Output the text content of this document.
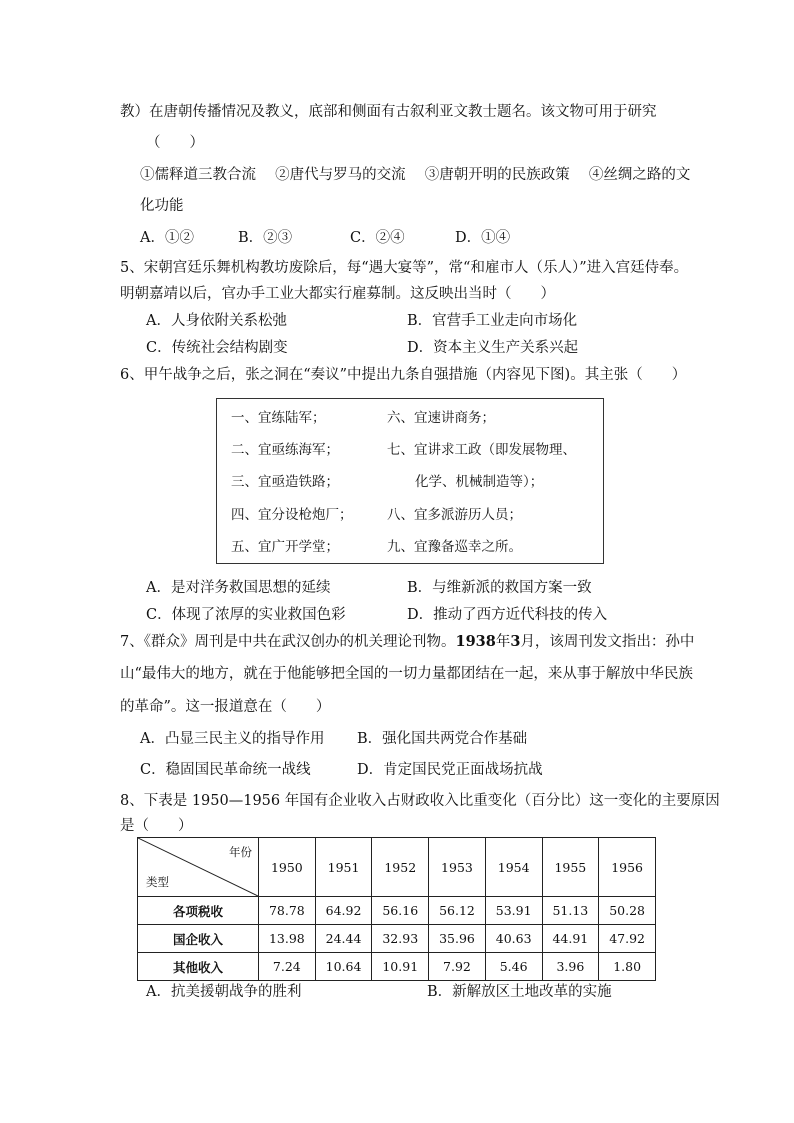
教）在唐朝传播情况及教义，底部和侧面有古叙利亚文教士题名。该文物可用于研究
（　　）
①儒释道三教合流　 ②唐代与罗马的交流　 ③唐朝开明的民族政策　 ④丝绸之路的文
化功能
A．①②	B．②③	C．②④	D．①④
5、宋朝宫廷乐舞机构教坊废除后，每“遇大宴等”，常“和雇市人（乐人）”进入宫廷侍奉。
明朝嘉靖以后，官办手工业大都实行雇募制。这反映出当时（　　）
A．人身依附关系松弛	B．官营手工业走向市场化
C．传统社会结构剧变	D．资本主义生产关系兴起
6、甲午战争之后，张之洞在“奏议”中提出九条自强措施（内容见下图)。其主张（　　）
一、宜练陆军；
二、宜亟练海军；
三、宜亟造铁路；
四、宜分设枪炮厂；
五、宜广开学堂；
六、宜速讲商务；
七、宜讲求工政（即发展物理、
化学、机械制造等）；
八、宜多派游历人员；
九、宜豫备巡幸之所。
A．是对洋务救国思想的延续	B．与维新派的救国方案一致
C．体现了浓厚的实业救国色彩	D．推动了西方近代科技的传入
7、《群众》周刊是中共在武汉创办的机关理论刊物。1938年3月，该周刊发文指出：孙中
山“最伟大的地方，就在于他能够把全国的一切力量都团结在一起，来从事于解放中华民族
的革命”。这一报道意在（　　）
A．凸显三民主义的指导作用 B．强化国共两党合作基础
C．稳固国民革命统一战线	D．肯定国民党正面战场抗战
8、下表是 1950—1956 年国有企业收入占财政收入比重变化（百分比）这一变化的主要原因
是（　　）
年份
类型	1950	1951	1952	1953	1954	1955	1956
各项税收	78.78	64.92	56.16	56.12	53.91	51.13	50.28
国企收入	13.98	24.44	32.93	35.96	40.63	44.91	47.92
其他收入	7.24	10.64	10.91	7.92	5.46	3.96	1.80
A．抗美援朝战争的胜利	B．新解放区土地改革的实施
